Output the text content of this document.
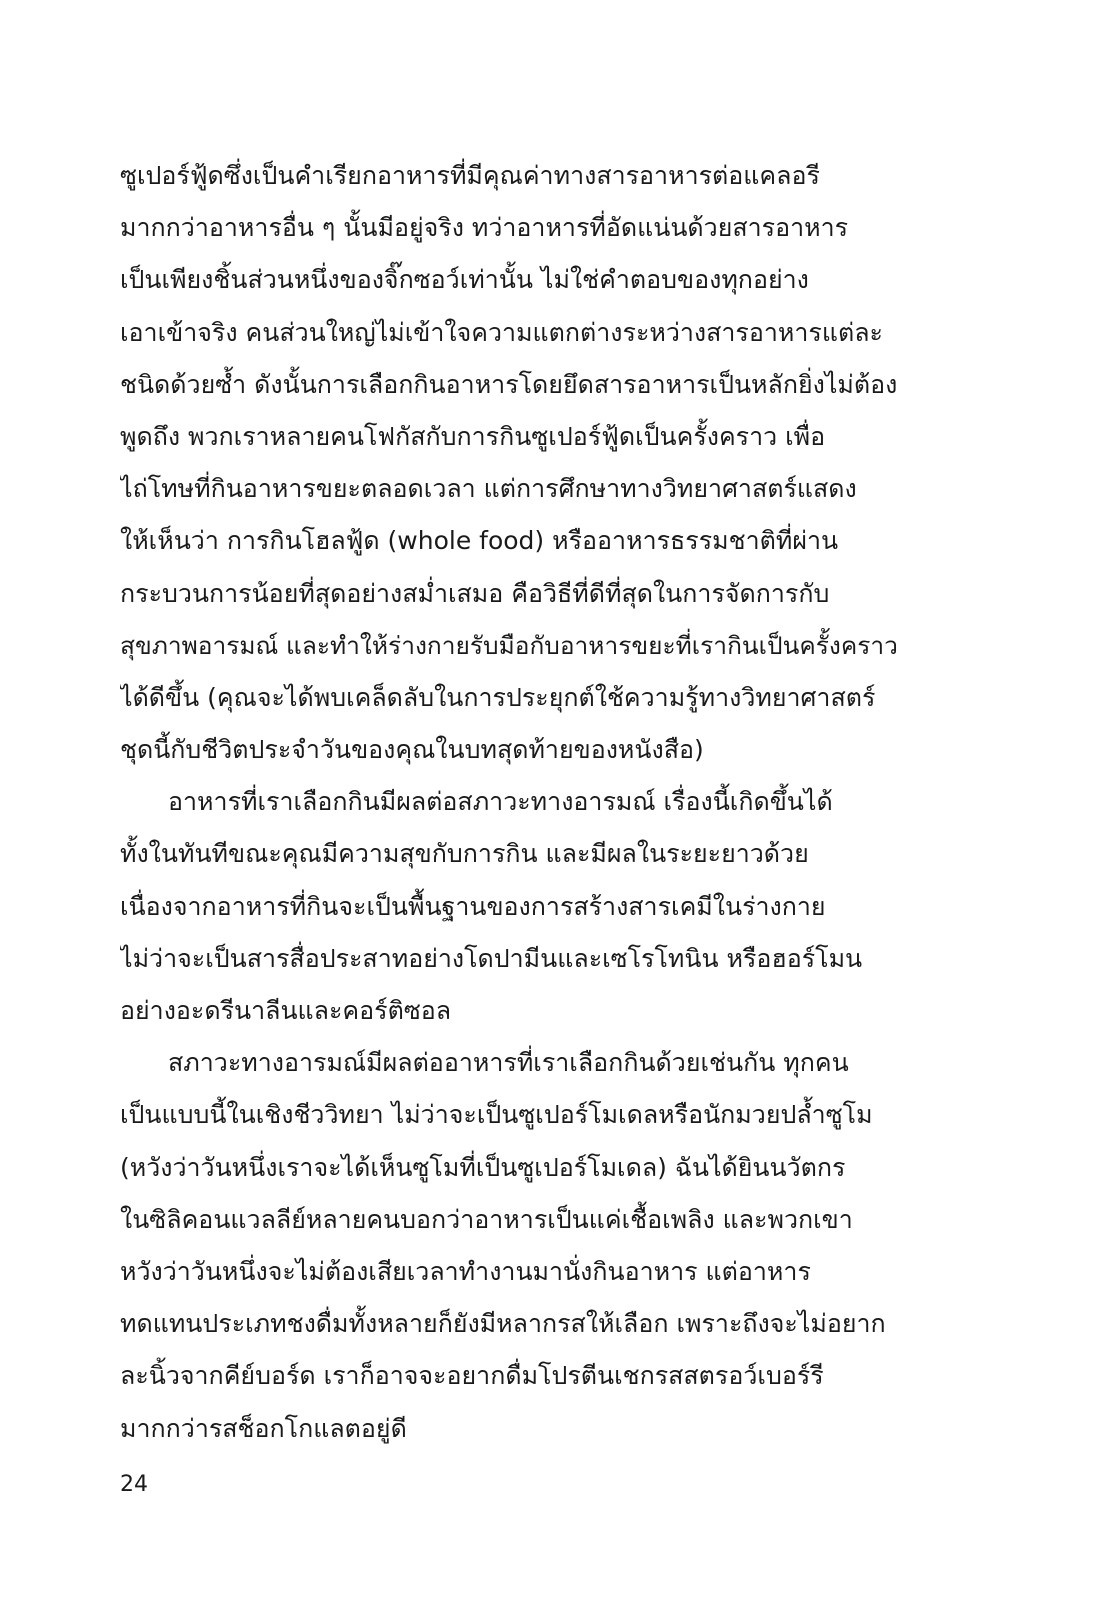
ซูเปอร์ฟู้ดซึ่งเป็นคำเรียกอาหารที่มีคุณค่าทางสารอาหารต่อแคลอรี
มากกว่าอาหารอื่น ๆ นั้นมีอยู่จริง ทว่าอาหารที่อัดแน่นด้วยสารอาหาร
เป็นเพียงชิ้นส่วนหนึ่งของจิ๊กซอว์เท่านั้น ไม่ใช่คำตอบของทุกอย่าง
เอาเข้าจริง คนส่วนใหญ่ไม่เข้าใจความแตกต่างระหว่างสารอาหารแต่ละ
ชนิดด้วยซ้ำ ดังนั้นการเลือกกินอาหารโดยยึดสารอาหารเป็นหลักยิ่งไม่ต้อง
พูดถึง พวกเราหลายคนโฟกัสกับการกินซูเปอร์ฟู้ดเป็นครั้งคราว เพื่อ
ไถ่โทษที่กินอาหารขยะตลอดเวลา แต่การศึกษาทางวิทยาศาสตร์แสดง
ให้เห็นว่า การกินโฮลฟู้ด (whole food) หรืออาหารธรรมชาติที่ผ่าน
กระบวนการน้อยที่สุดอย่างสม่ำเสมอ คือวิธีที่ดีที่สุดในการจัดการกับ
สุขภาพอารมณ์ และทำให้ร่างกายรับมือกับอาหารขยะที่เรากินเป็นครั้งคราว
ได้ดีขึ้น (คุณจะได้พบเคล็ดลับในการประยุกต์ใช้ความรู้ทางวิทยาศาสตร์
ชุดนี้กับชีวิตประจำวันของคุณในบทสุดท้ายของหนังสือ)
อาหารที่เราเลือกกินมีผลต่อสภาวะทางอารมณ์ เรื่องนี้เกิดขึ้นได้
ทั้งในทันทีขณะคุณมีความสุขกับการกิน และมีผลในระยะยาวด้วย
เนื่องจากอาหารที่กินจะเป็นพื้นฐานของการสร้างสารเคมีในร่างกาย
ไม่ว่าจะเป็นสารสื่อประสาทอย่างโดปามีนและเซโรโทนิน หรือฮอร์โมน
อย่างอะดรีนาลีนและคอร์ติซอล
สภาวะทางอารมณ์มีผลต่ออาหารที่เราเลือกกินด้วยเช่นกัน ทุกคน
เป็นแบบนี้ในเชิงชีววิทยา ไม่ว่าจะเป็นซูเปอร์โมเดลหรือนักมวยปล้ำซูโม
(หวังว่าวันหนึ่งเราจะได้เห็นซูโมที่เป็นซูเปอร์โมเดล) ฉันได้ยินนวัตกร
ในซิลิคอนแวลลีย์หลายคนบอกว่าอาหารเป็นแค่เชื้อเพลิง และพวกเขา
หวังว่าวันหนึ่งจะไม่ต้องเสียเวลาทำงานมานั่งกินอาหาร แต่อาหาร
ทดแทนประเภทชงดื่มทั้งหลายก็ยังมีหลากรสให้เลือก เพราะถึงจะไม่อยาก
ละนิ้วจากคีย์บอร์ด เราก็อาจจะอยากดื่มโปรตีนเชกรสสตรอว์เบอร์รี
มากกว่ารสช็อกโกแลตอยู่ดี
24
